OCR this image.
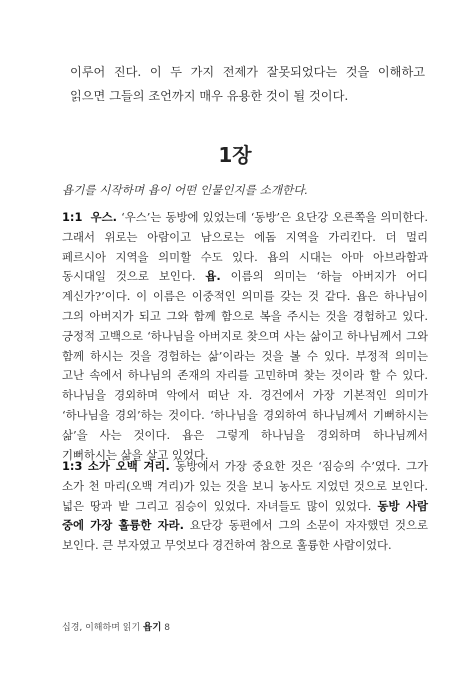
이루어 진다. 이 두 가지 전제가 잘못되었다는 것을 이해하고 읽으면 그들의 조언까지 매우 유용한 것이 될 것이다.

1장
욥기를 시작하며 욥이 어떤 인물인지를 소개한다.

1:1 우스. ‘우스’는 동방에 있었는데 ‘동방’은 요단강 오른쪽을 의미한다. 그래서 위로는 아람이고 남으로는 에돔 지역을 가리킨다. 더 멀리 페르시아 지역을 의미할 수도 있다. 욥의 시대는 아마 아브라함과 동시대일 것으로 보인다. 욥. 이름의 의미는 ‘하늘 아버지가 어디 계신가?’이다. 이 이름은 이중적인 의미를 갖는 것 같다. 욥은 하나님이 그의 아버지가 되고 그와 함께 함으로 복을 주시는 것을 경험하고 있다. 긍정적 고백으로 ‘하나님을 아버지로 찾으며 사는 삶이고 하나님께서 그와 함께 하시는 것을 경험하는 삶’이라는 것을 볼 수 있다. 부정적 의미는 고난 속에서 하나님의 존재의 자리를 고민하며 찾는 것이라 할 수 있다. 하나님을 경외하며 악에서 떠난 자. 경건에서 가장 기본적인 의미가 ‘하나님을 경외’하는 것이다. ‘하나님을 경외하여 하나님께서 기뻐하시는 삶’을 사는 것이다. 욥은 그렇게 하나님을 경외하며 하나님께서 기뻐하시는 삶을 살고 있었다.

1:3 소가 오백 겨리. 동방에서 가장 중요한 것은 ‘짐승의 수’였다. 그가 소가 천 마리(오백 겨리)가 있는 것을 보니 농사도 지었던 것으로 보인다. 넓은 땅과 밭 그리고 짐승이 있었다. 자녀들도 많이 있었다. 동방 사람 중에 가장 훌륭한 자라. 요단강 동편에서 그의 소문이 자자했던 것으로 보인다. 큰 부자였고 무엇보다 경건하여 참으로 훌륭한 사람이었다.

십경, 이해하며 읽기 욥기 8
